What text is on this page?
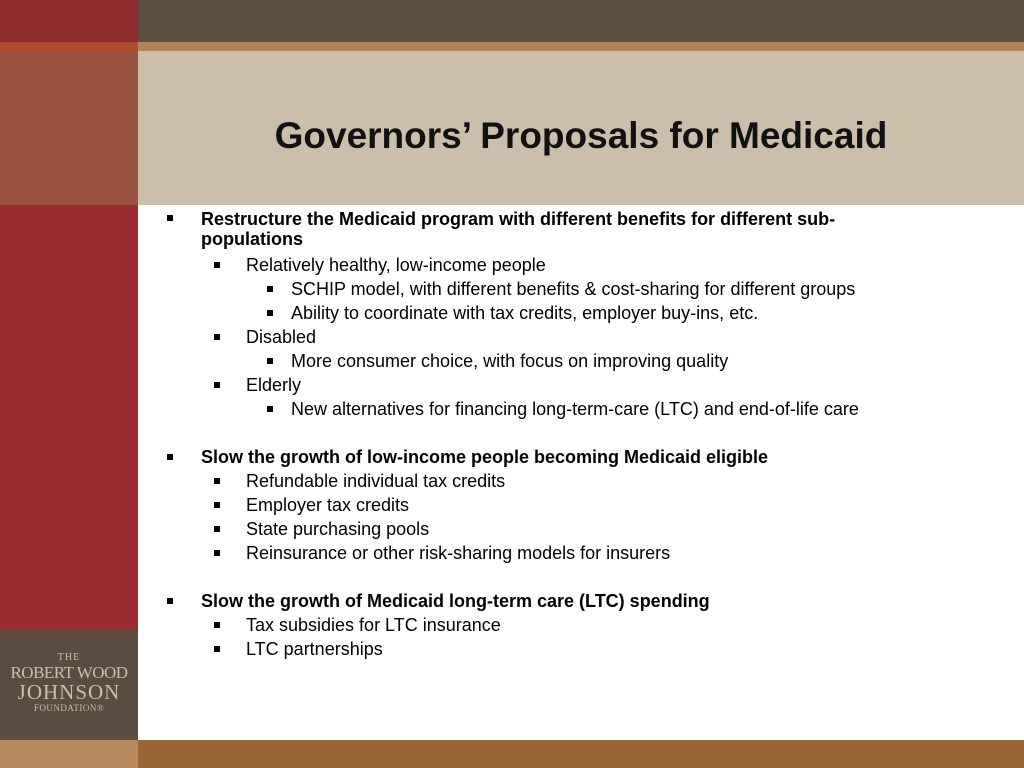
Governors’ Proposals for Medicaid
THE
ROBERT WOOD
JOHNSON
FOUNDATION®
Restructure the Medicaid program with different benefits for different sub-populations
Relatively healthy, low-income people
SCHIP model, with different benefits & cost-sharing for different groups
Ability to coordinate with tax credits, employer buy-ins, etc.
Disabled
More consumer choice, with focus on improving quality
Elderly
New alternatives for financing long-term-care (LTC) and end-of-life care
Slow the growth of low-income people becoming Medicaid eligible
Refundable individual tax credits
Employer tax credits
State purchasing pools
Reinsurance or other risk-sharing models for insurers
Slow the growth of Medicaid long-term care (LTC) spending
Tax subsidies for LTC insurance
LTC partnerships
